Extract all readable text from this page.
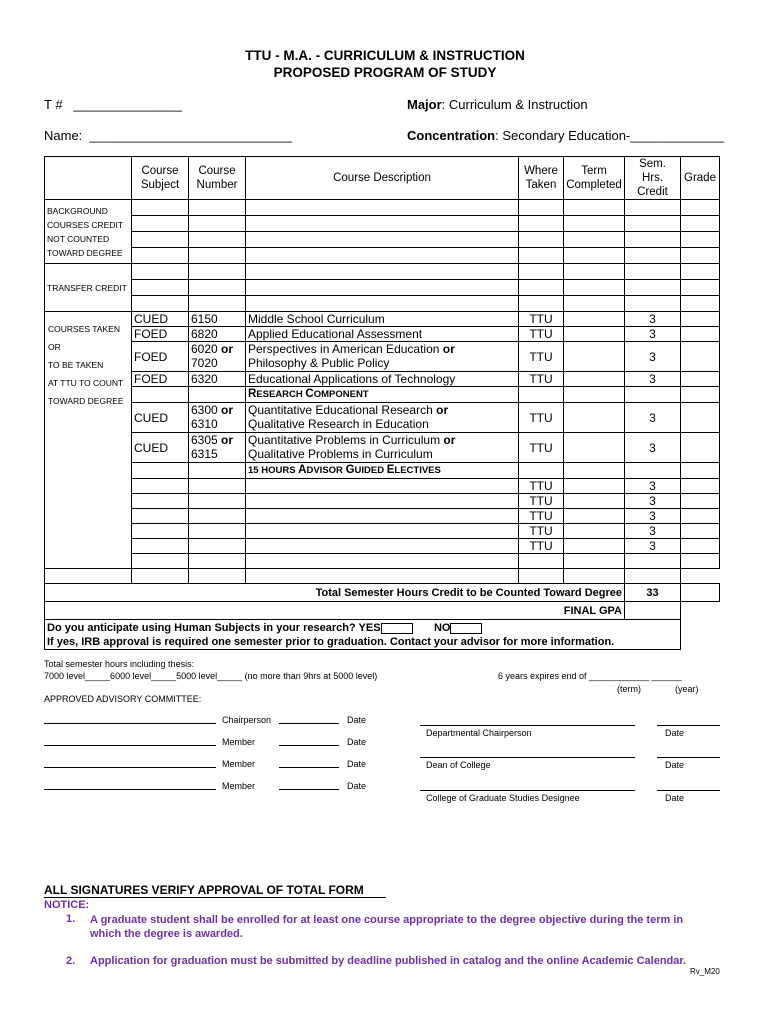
TTU - M.A. - CURRICULUM & INSTRUCTION
PROPOSED PROGRAM OF STUDY
T # _______________	Major: Curriculum & Instruction
Name: ____________________________	Concentration: Secondary Education-_____________
	Course Subject	Course Number	Course Description	Where Taken	Term Completed	Sem. Hrs. Credit	Grade
BACKGROUND COURSES CREDIT NOT COUNTED TOWARD DEGREE							

TRANSFER CREDIT							

COURSES TAKEN
OR
TO BE TAKEN
AT TTU TO COUNT
TOWARD DEGREE	CUED	6150	Middle School Curriculum	TTU		3	
	FOED	6820	Applied Educational Assessment	TTU		3	
	FOED	6020 or
7020	Perspectives in American Education or
Philosophy & Public Policy	TTU		3	
	FOED	6320	Educational Applications of Technology	TTU		3	
			RESEARCH COMPONENT				
	CUED	6300 or
6310	Quantitative Educational Research or
Qualitative Research in Education	TTU		3	
	CUED	6305 or
6315	Quantitative Problems in Curriculum or
Qualitative Problems in Curriculum	TTU		3	
			15 HOURS ADVISOR GUIDED ELECTIVES				
				TTU		3	
				TTU		3	
				TTU		3	
				TTU		3	
				TTU		3	

Total Semester Hours Credit to be Counted Toward Degree						33	
FINAL GPA							
Do you anticipate using Human Subjects in your research? YES NO
If yes, IRB approval is required one semester prior to graduation. Contact your advisor for more information.							
Total semester hours including thesis:
7000 level_____6000 level_____5000 level_____ (no more than 9hrs at 5000 level)	6 years expires end of ____________ ______
(term)	(year)
APPROVED ADVISORY COMMITTEE:
Chairperson	Date
Member	Date
Member	Date
Member	Date
Departmental Chairperson	Date
Dean of College	Date
College of Graduate Studies Designee	Date
ALL SIGNATURES VERIFY APPROVAL OF TOTAL FORM
NOTICE:
1. A graduate student shall be enrolled for at least one course appropriate to the degree objective during the term in which the degree is awarded.
2. Application for graduation must be submitted by deadline published in catalog and the online Academic Calendar.
Rv_M20
